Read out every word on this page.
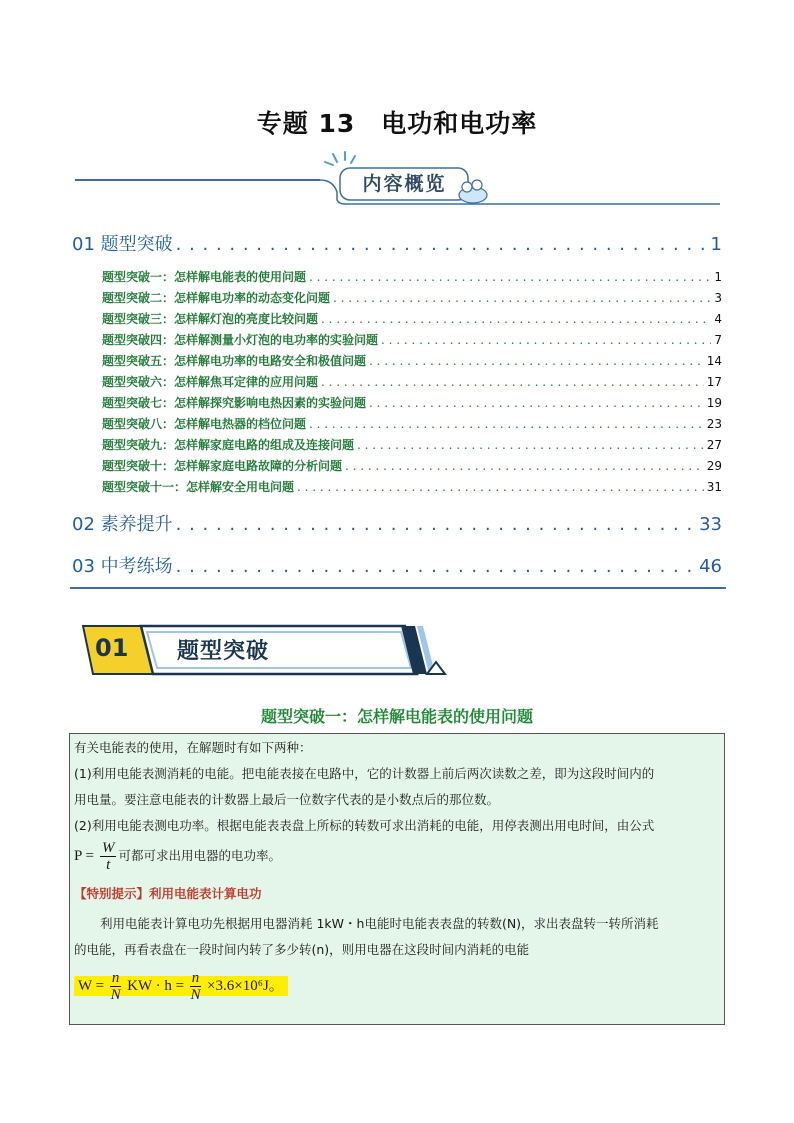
专题 13　电功和电功率
内容概览
01 题型突破 . . .	1
题型突破一：怎样解电能表的使用问题 . . .	1
题型突破二：怎样解电功率的动态变化问题 . . .	3
题型突破三：怎样解灯泡的亮度比较问题 . . .	4
题型突破四：怎样解测量小灯泡的电功率的实验问题 . . .	7
题型突破五：怎样解电功率的电路安全和极值问题 . . .	14
题型突破六：怎样解焦耳定律的应用问题 . . .	17
题型突破七：怎样解探究影响电热因素的实验问题 . . .	19
题型突破八：怎样解电热器的档位问题 . . .	23
题型突破九：怎样解家庭电路的组成及连接问题 . . .	27
题型突破十：怎样解家庭电路故障的分析问题 . . .	29
题型突破十一：怎样解安全用电问题 . . .	31
02 素养提升 . . .	33
03 中考练场 . . .	46
01 题型突破
题型突破一：怎样解电能表的使用问题
有关电能表的使用，在解题时有如下两种：
(1)利用电能表测消耗的电能。把电能表接在电路中，它的计数器上前后两次读数之差，即为这段时间内的
用电量。要注意电能表的计数器上最后一位数字代表的是小数点后的那位数。
(2)利用电能表测电功率。根据电能表表盘上所标的转数可求出消耗的电能，用停表测出用电时间，由公式
$P = \frac{W}{t}$ 可都可求出用电器的电功率。
【特别提示】利用电能表计算电功
利用电能表计算电功先根据用电器消耗 1kW・h电能时电能表表盘的转数(N)，求出表盘转一转所消耗
的电能，再看表盘在一段时间内转了多少转(n)，则用电器在这段时间内消耗的电能
$W = \frac{n}{N}$ KW · $h = \frac{n}{N} \times 3.6\times 10^6J$。
